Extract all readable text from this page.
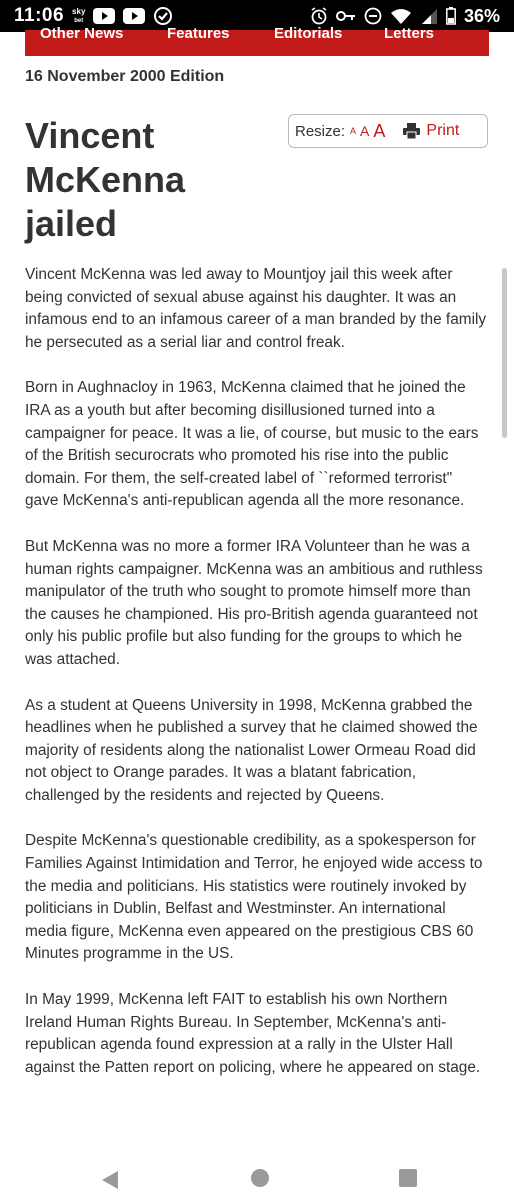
11:06 sky
bet	36%
Other News	Features	Editorials	Letters
16 November 2000 Edition
Vincent
McKenna
jailed
Resize: A A A	Print

Vincent McKenna was led away to Mountjoy jail this week after being convicted of sexual abuse against his daughter. It was an infamous end to an infamous career of a man branded by the family he persecuted as a serial liar and control freak.

Born in Aughnacloy in 1963, McKenna claimed that he joined the IRA as a youth but after becoming disillusioned turned into a campaigner for peace. It was a lie, of course, but music to the ears of the British securocrats who promoted his rise into the public domain. For them, the self-created label of ``reformed terrorist" gave McKenna's anti-republican agenda all the more resonance.

But McKenna was no more a former IRA Volunteer than he was a human rights campaigner. McKenna was an ambitious and ruthless manipulator of the truth who sought to promote himself more than the causes he championed. His pro-British agenda guaranteed not only his public profile but also funding for the groups to which he was attached.

As a student at Queens University in 1998, McKenna grabbed the headlines when he published a survey that he claimed showed the majority of residents along the nationalist Lower Ormeau Road did not object to Orange parades. It was a blatant fabrication, challenged by the residents and rejected by Queens.

Despite McKenna's questionable credibility, as a spokesperson for Families Against Intimidation and Terror, he enjoyed wide access to the media and politicians. His statistics were routinely invoked by politicians in Dublin, Belfast and Westminster. An international media figure, McKenna even appeared on the prestigious CBS 60 Minutes programme in the US.

In May 1999, McKenna left FAIT to establish his own Northern Ireland Human Rights Bureau. In September, McKenna's anti-republican agenda found expression at a rally in the Ulster Hall against the Patten report on policing, where he appeared on stage.
